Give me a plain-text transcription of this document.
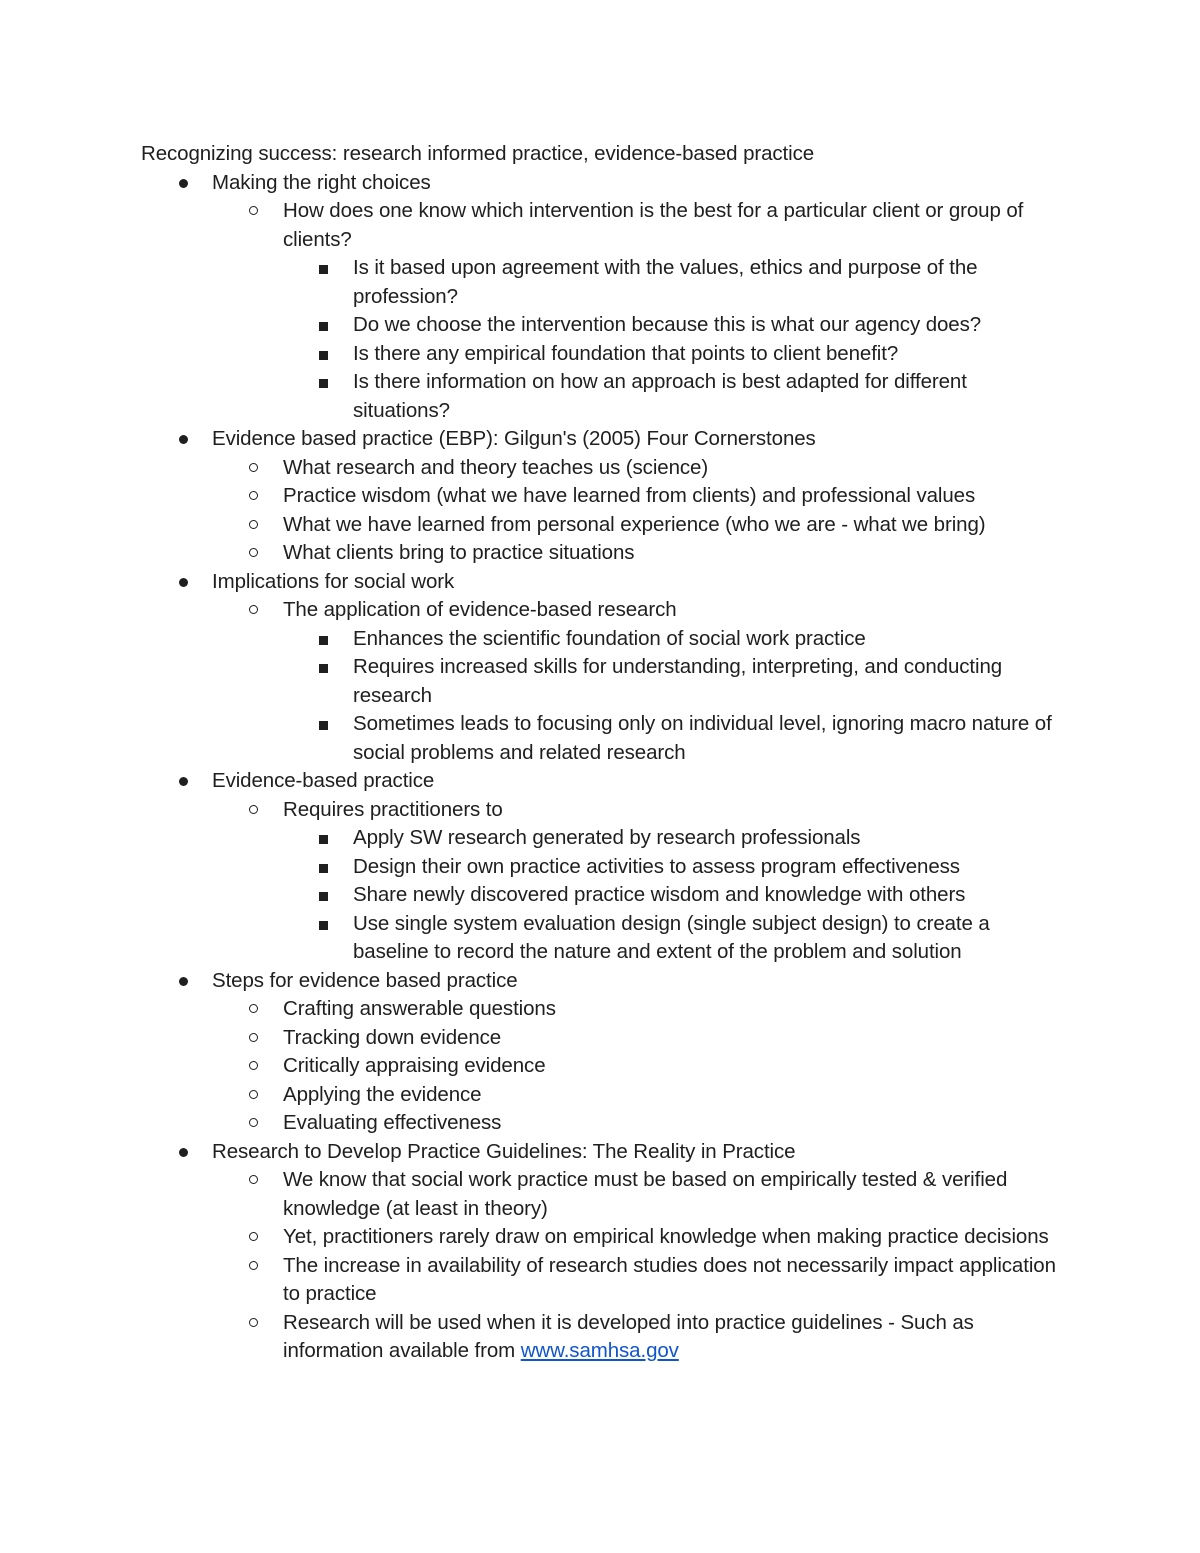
Recognizing success: research informed practice, evidence-based practice
Making the right choices
How does one know which intervention is the best for a particular client or group of clients?
Is it based upon agreement with the values, ethics and purpose of the profession?
Do we choose the intervention because this is what our agency does?
Is there any empirical foundation that points to client benefit?
Is there information on how an approach is best adapted for different situations?
Evidence based practice (EBP): Gilgun's (2005) Four Cornerstones
What research and theory teaches us (science)
Practice wisdom (what we have learned from clients) and professional values
What we have learned from personal experience (who we are - what we bring)
What clients bring to practice situations
Implications for social work
The application of evidence-based research
Enhances the scientific foundation of social work practice
Requires increased skills for understanding, interpreting, and conducting research
Sometimes leads to focusing only on individual level, ignoring macro nature of social problems and related research
Evidence-based practice
Requires practitioners to
Apply SW research generated by research professionals
Design their own practice activities to assess program effectiveness
Share newly discovered practice wisdom and knowledge with others
Use single system evaluation design (single subject design) to create a baseline to record the nature and extent of the problem and solution
Steps for evidence based practice
Crafting answerable questions
Tracking down evidence
Critically appraising evidence
Applying the evidence
Evaluating effectiveness
Research to Develop Practice Guidelines: The Reality in Practice
We know that social work practice must be based on empirically tested & verified knowledge (at least in theory)
Yet, practitioners rarely draw on empirical knowledge when making practice decisions
The increase in availability of research studies does not necessarily impact application to practice
Research will be used when it is developed into practice guidelines - Such as information available from www.samhsa.gov
